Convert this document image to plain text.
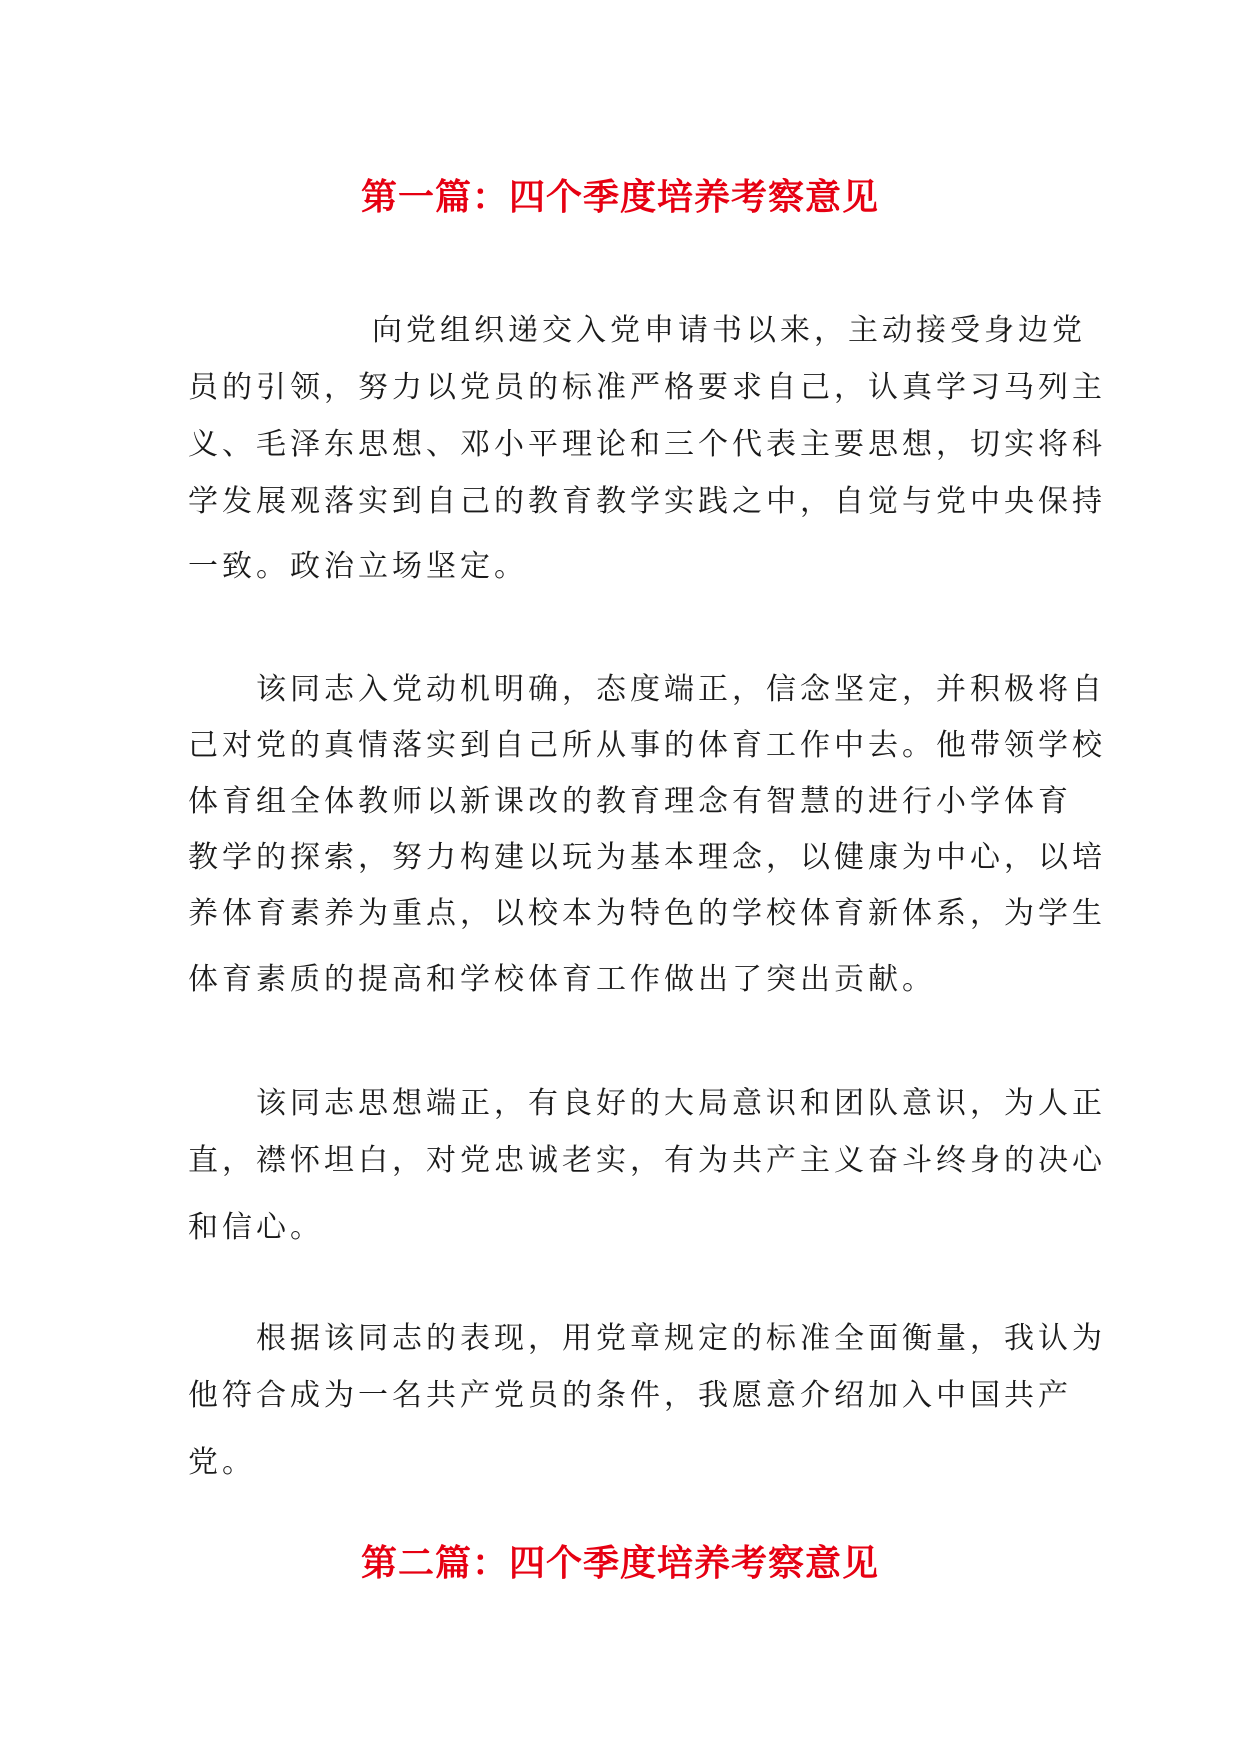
第一篇：四个季度培养考察意见

向党组织递交入党申请书以来，主动接受身边党
员的引领，努力以党员的标准严格要求自己，认真学习马列主
义、毛泽东思想、邓小平理论和三个代表主要思想，切实将科
学发展观落实到自己的教育教学实践之中，自觉与党中央保持
一致。政治立场坚定。

该同志入党动机明确，态度端正，信念坚定，并积极将自
己对党的真情落实到自己所从事的体育工作中去。他带领学校
体育组全体教师以新课改的教育理念有智慧的进行小学体育
教学的探索，努力构建以玩为基本理念，以健康为中心，以培
养体育素养为重点，以校本为特色的学校体育新体系，为学生
体育素质的提高和学校体育工作做出了突出贡献。

该同志思想端正，有良好的大局意识和团队意识，为人正
直，襟怀坦白，对党忠诚老实，有为共产主义奋斗终身的决心
和信心。

根据该同志的表现，用党章规定的标准全面衡量，我认为
他符合成为一名共产党员的条件，我愿意介绍加入中国共产
党。

第二篇：四个季度培养考察意见
